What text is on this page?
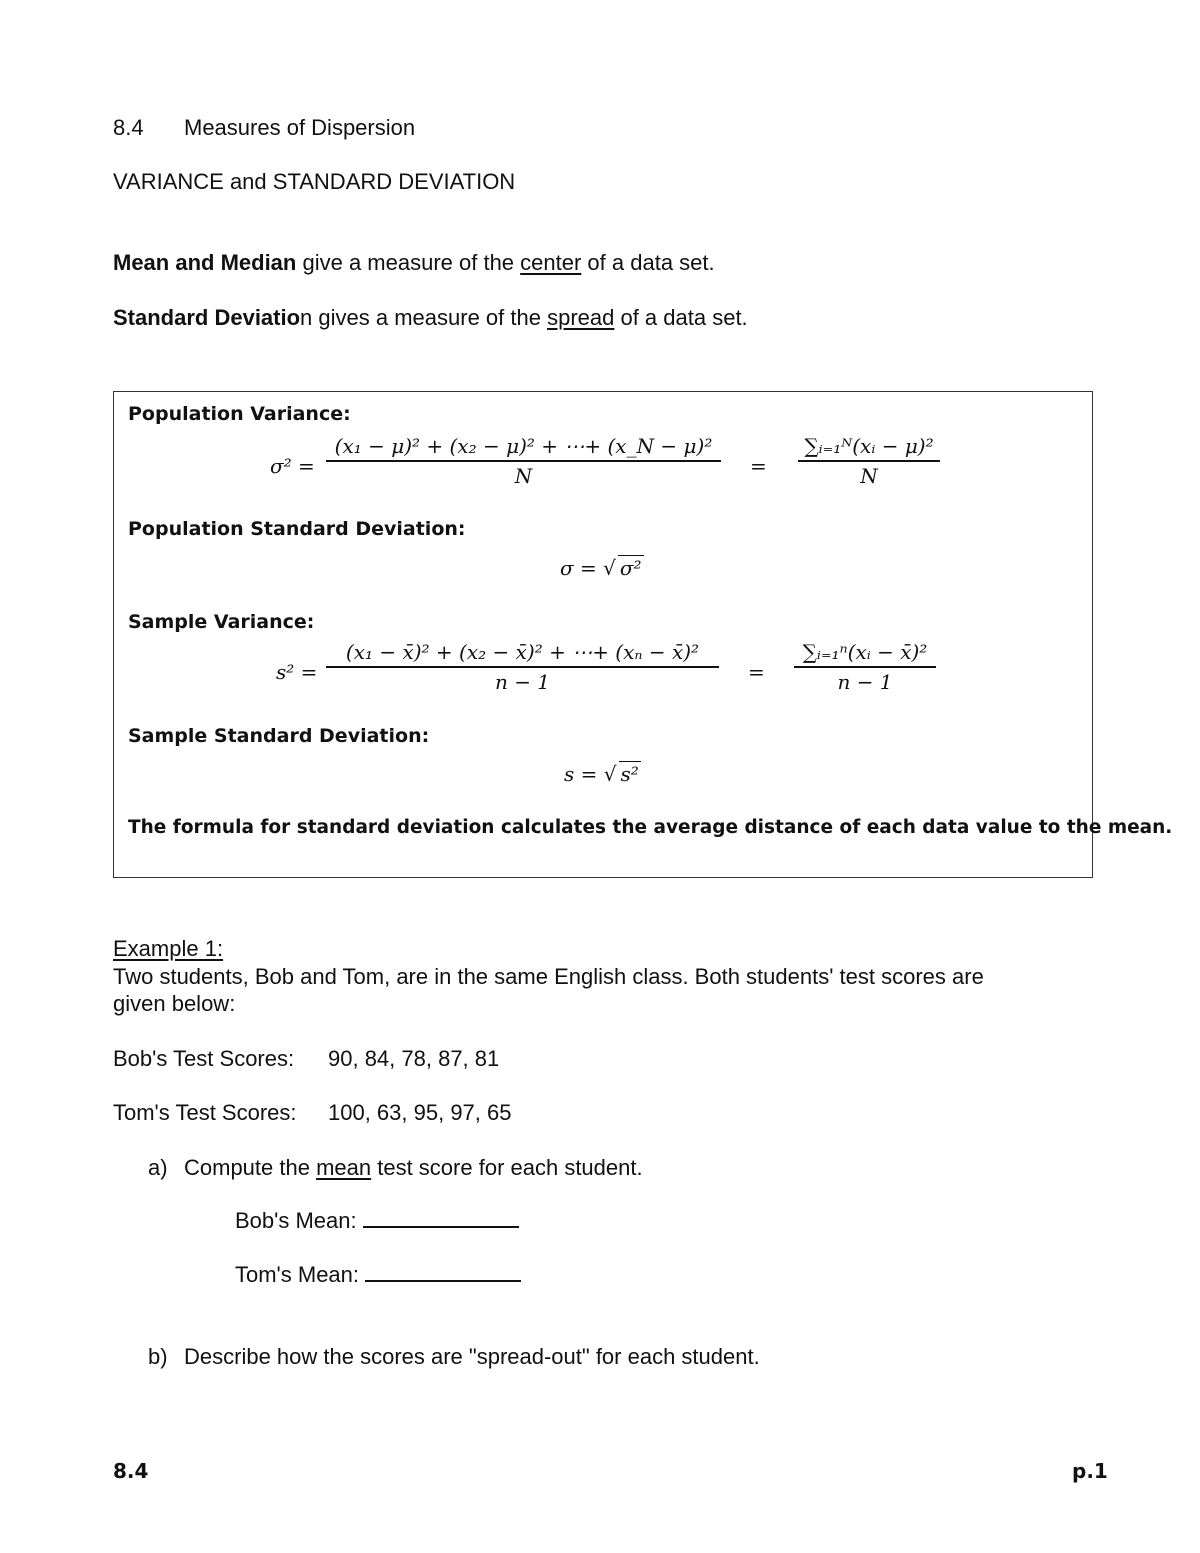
8.4 Measures of Dispersion
VARIANCE and STANDARD DEVIATION
Mean and Median give a measure of the center of a data set.
Standard Deviation gives a measure of the spread of a data set.
Population Variance:
$\sigma^2 = \frac{\text{(x₁ − μ)² + (x₂ − μ)² + ⋯+ (x\_N − μ)²}}{N} = \frac{\text{∑ᵢ₌₁ᴺ(xᵢ − μ)²}}{N}$
Population Standard Deviation:
σ = √ σ²
Sample Variance:
$s^2 = \frac{\text{(x₁ − x̄)² + (x₂ − x̄)² + ⋯+ (xₙ − x̄)²}}{n - 1} = \frac{\text{∑ᵢ₌₁ⁿ(xᵢ − x̄)²}}{n - 1}$
Sample Standard Deviation:
s = √ s²
The formula for standard deviation calculates the average distance of each data value to the mean.
Example 1:
Two students, Bob and Tom, are in the same English class. Both students' test scores are
given below:
Bob's Test Scores: 90, 84, 78, 87, 81
Tom's Test Scores: 100, 63, 95, 97, 65
a) Compute the mean test score for each student.
Bob's Mean:
Tom's Mean:
b) Describe how the scores are "spread-out" for each student.
8.4	p.1
